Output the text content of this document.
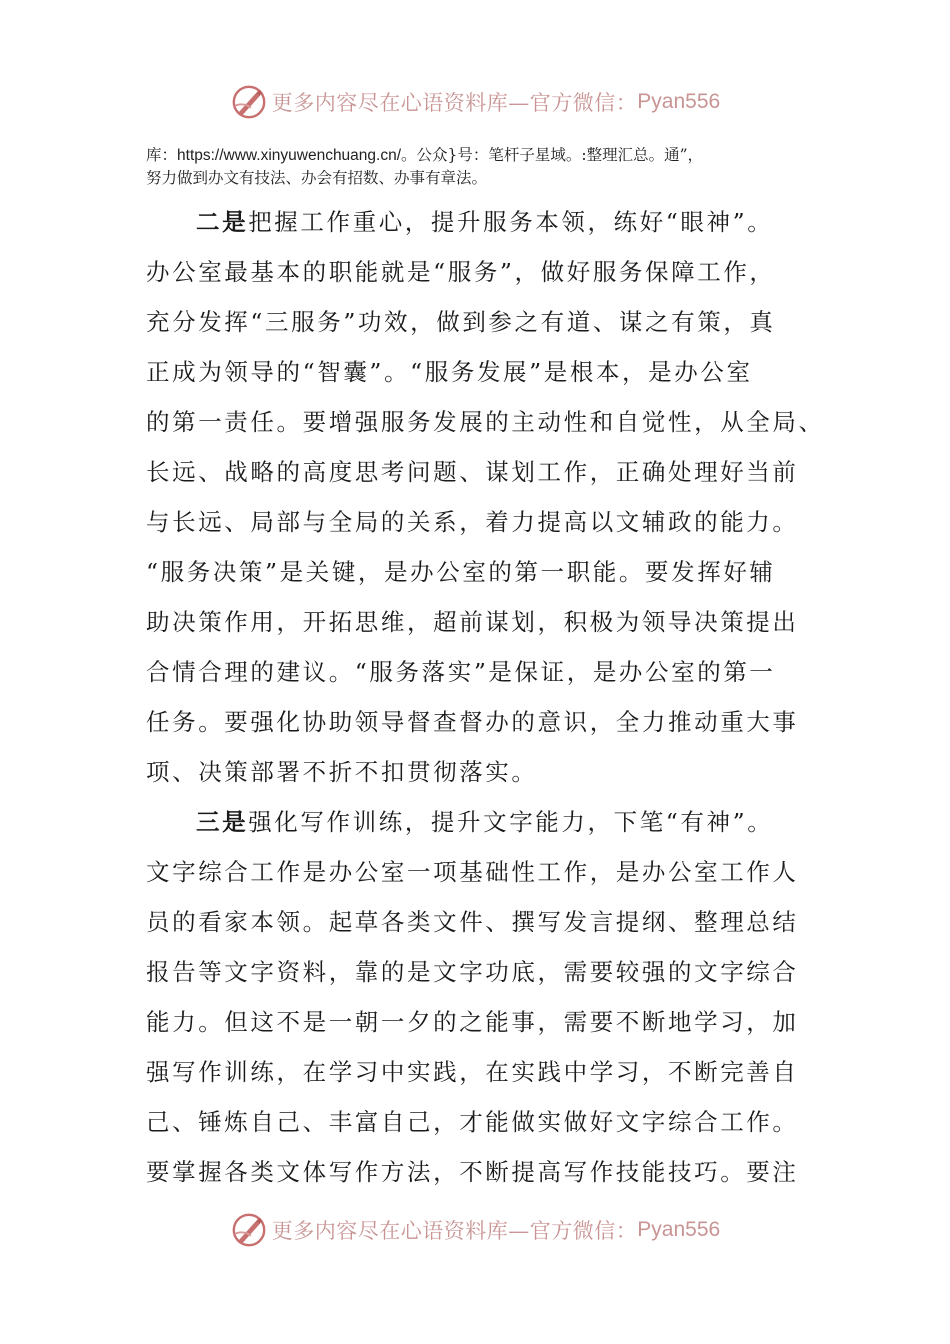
更多内容尽在心语资料库—官方微信： Pyan556
库：https://www.xinyuwenchuang.cn/。公众}号：笔杆子星域。:整理汇总。通”，
努力做到办文有技法、办会有招数、办事有章法。
二是把握工作重心，提升服务本领，练好“眼神”。
办公室最基本的职能就是“服务”，做好服务保障工作，
充分发挥“三服务”功效，做到参之有道、谋之有策，真
正成为领导的“智囊”。“服务发展”是根本，是办公室
的第一责任。要增强服务发展的主动性和自觉性，从全局、
长远、战略的高度思考问题、谋划工作，正确处理好当前
与长远、局部与全局的关系，着力提高以文辅政的能力。
“服务决策”是关键，是办公室的第一职能。要发挥好辅
助决策作用，开拓思维，超前谋划，积极为领导决策提出
合情合理的建议。“服务落实”是保证，是办公室的第一
任务。要强化协助领导督查督办的意识，全力推动重大事
项、决策部署不折不扣贯彻落实。
三是强化写作训练，提升文字能力，下笔“有神”。
文字综合工作是办公室一项基础性工作，是办公室工作人
员的看家本领。起草各类文件、撰写发言提纲、整理总结
报告等文字资料，靠的是文字功底，需要较强的文字综合
能力。但这不是一朝一夕的之能事，需要不断地学习，加
强写作训练，在学习中实践，在实践中学习，不断完善自
己、锤炼自己、丰富自己，才能做实做好文字综合工作。
要掌握各类文体写作方法，不断提高写作技能技巧。要注
更多内容尽在心语资料库—官方微信： Pyan556
